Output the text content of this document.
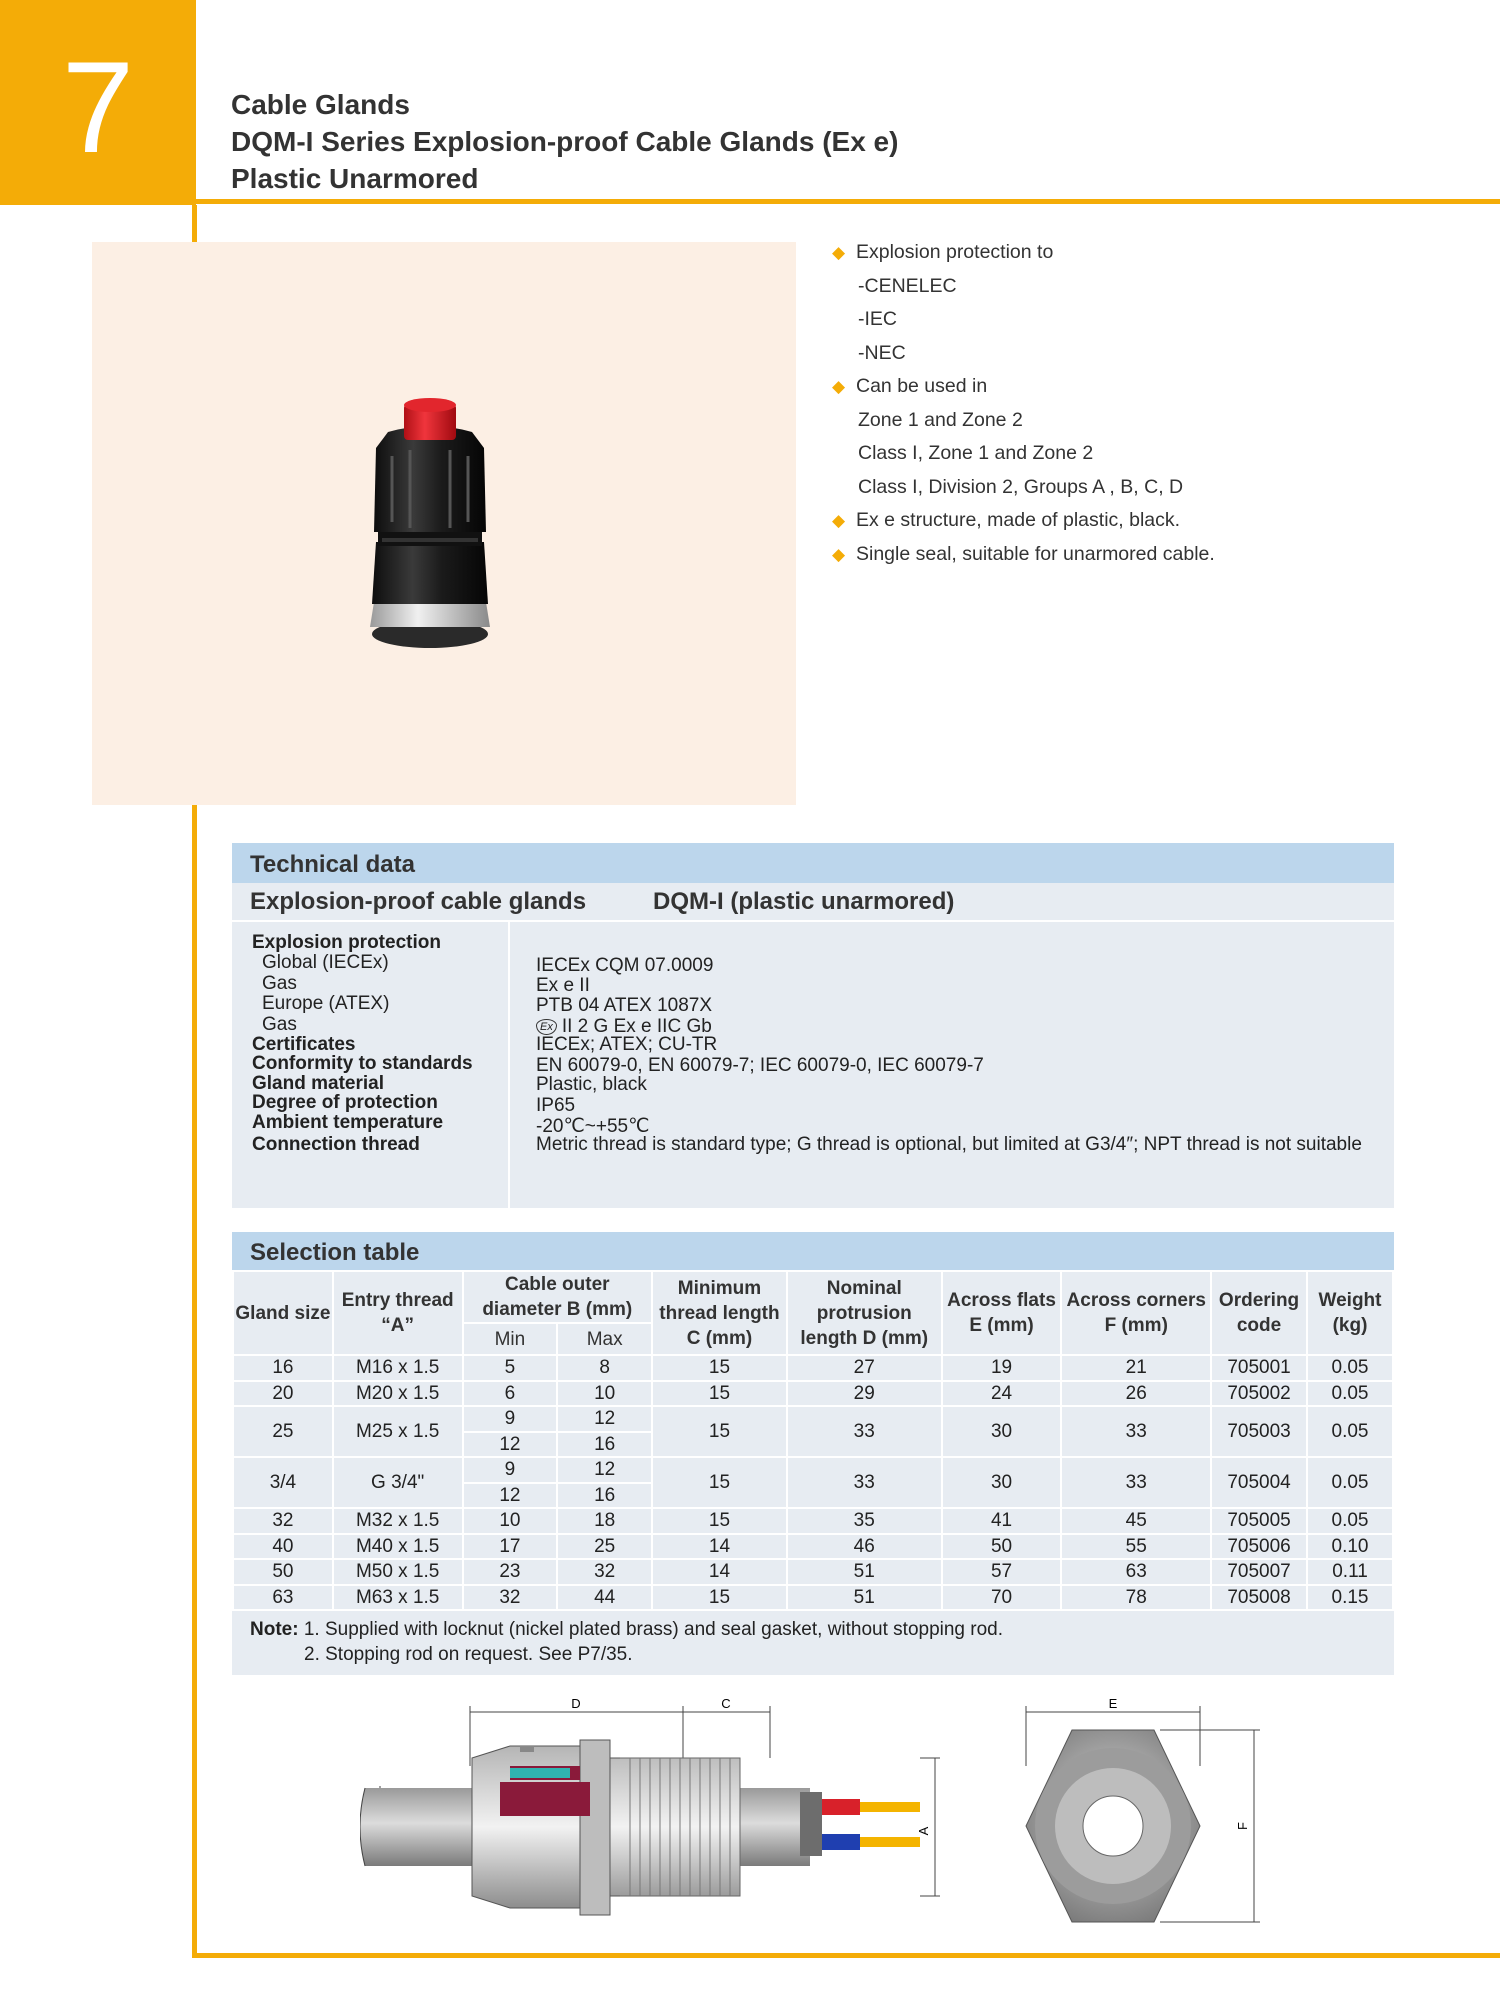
7	Cable Glands
DQM-I Series Explosion-proof Cable Glands (Ex e)
Plastic Unarmored
◆ Explosion protection to
-CENELEC
-IEC
-NEC
◆ Can be used in
Zone 1 and Zone 2
Class I, Zone 1 and Zone 2
Class I, Division 2, Groups A , B, C, D
◆ Ex e structure, made of plastic, black.
◆ Single seal, suitable for unarmored cable.
Technical data
Explosion-proof cable glands	DQM-I (plastic unarmored)
Explosion protection
Global (IECEx)	IECEx CQM 07.0009
Gas	Ex e II
Europe (ATEX)	PTB 04 ATEX 1087X
Gas	Ex II 2 G Ex e IIC Gb
Certificates	IECEx; ATEX; CU-TR
Conformity to standards	EN 60079-0, EN 60079-7; IEC 60079-0, IEC 60079-7
Gland material	Plastic, black
Degree of protection	IP65
Ambient temperature	-20℃~+55℃
Connection thread	Metric thread is standard type; G thread is optional, but limited at G3/4″; NPT thread is not suitable
Selection table
Gland size	Entry thread “A”	Cable outer diameter B (mm)		Minimum thread length C (mm)	Nominal protrusion length D (mm)	Across flats E (mm)	Across corners F (mm)	Ordering code	Weight (kg)
		Min	Max						
16	M16 x 1.5	5	8	15	27	19	21	705001	0.05
20	M20 x 1.5	6	10	15	29	24	26	705002	0.05
25	M25 x 1.5	9	12	15	33	30	33	705003	0.05
		12	16						
3/4	G 3/4"	9	12	15	33	30	33	705004	0.05
		12	16						
32	M32 x 1.5	10	18	15	35	41	45	705005	0.05
40	M40 x 1.5	17	25	14	46	50	55	705006	0.10
50	M50 x 1.5	23	32	14	51	57	63	705007	0.11
63	M63 x 1.5	32	44	15	51	70	78	705008	0.15
Note: 1. Supplied with locknut (nickel plated brass) and seal gasket, without stopping rod.
2. Stopping rod on request. See P7/35.
D	C
A
E
F
